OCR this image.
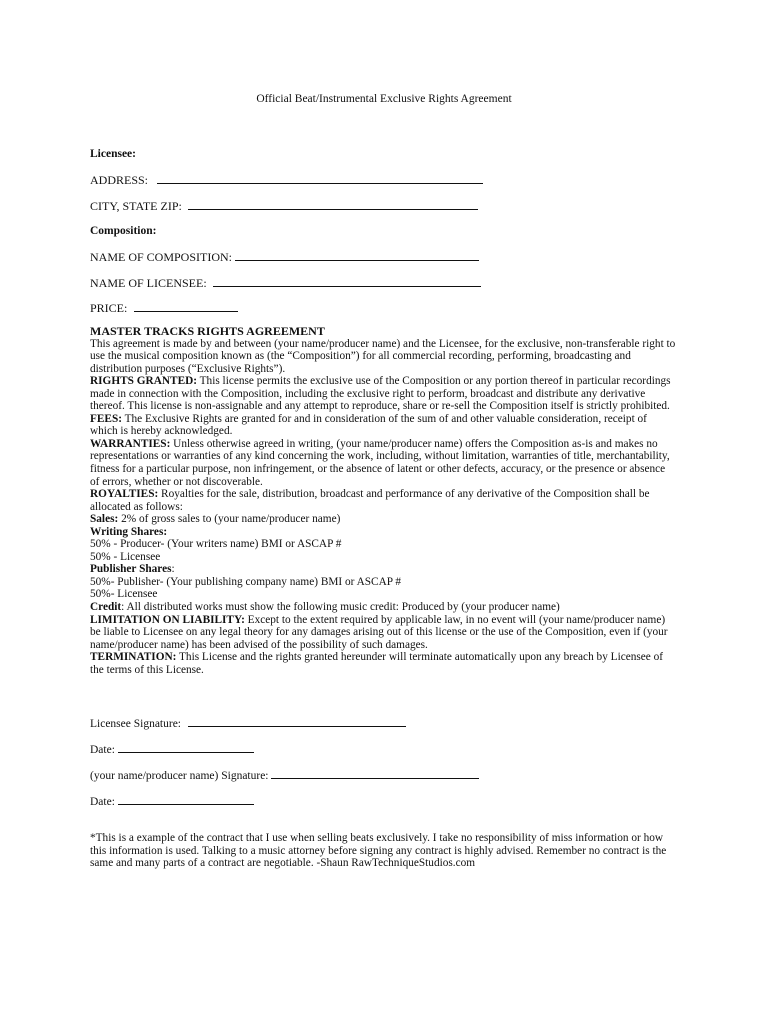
Official Beat/Instrumental Exclusive Rights Agreement
Licensee:
ADDRESS:
CITY, STATE ZIP:
Composition:
NAME OF COMPOSITION:
NAME OF LICENSEE:
PRICE:

MASTER TRACKS RIGHTS AGREEMENT

This agreement is made by and between (your name/producer name) and the Licensee, for the exclusive, non-transferable right to use the musical composition known as (the “Composition”) for all commercial recording, performing, broadcasting and distribution purposes (“Exclusive Rights”).

RIGHTS GRANTED: This license permits the exclusive use of the Composition or any portion thereof in particular recordings made in connection with the Composition, including the exclusive right to perform, broadcast and distribute any derivative thereof. This license is non-assignable and any attempt to reproduce, share or re-sell the Composition itself is strictly prohibited.

FEES: The Exclusive Rights are granted for and in consideration of the sum of and other valuable consideration, receipt of which is hereby acknowledged.

WARRANTIES: Unless otherwise agreed in writing, (your name/producer name) offers the Composition as-is and makes no representations or warranties of any kind concerning the work, including, without limitation, warranties of title, merchantability, fitness for a particular purpose, non infringement, or the absence of latent or other defects, accuracy, or the presence or absence of errors, whether or not discoverable.

ROYALTIES: Royalties for the sale, distribution, broadcast and performance of any derivative of the Composition shall be allocated as follows:

Sales: 2% of gross sales to (your name/producer name)

Writing Shares:

50% - Producer- (Your writers name) BMI or ASCAP #

50% - Licensee

Publisher Shares:

50%- Publisher- (Your publishing company name) BMI or ASCAP #

50%- Licensee

Credit: All distributed works must show the following music credit: Produced by (your producer name)

LIMITATION ON LIABILITY: Except to the extent required by applicable law, in no event will (your name/producer name) be liable to Licensee on any legal theory for any damages arising out of this license or the use of the Composition, even if (your name/producer name) has been advised of the possibility of such damages.

TERMINATION: This License and the rights granted hereunder will terminate automatically upon any breach by Licensee of the terms of this License.

Licensee Signature:
Date:
(your name/producer name) Signature:
Date:
*This is a example of the contract that I use when selling beats exclusively. I take no responsibility of miss information or how this information is used. Talking to a music attorney before signing any contract is highly advised. Remember no contract is the same and many parts of a contract are negotiable. -Shaun RawTechniqueStudios.com
